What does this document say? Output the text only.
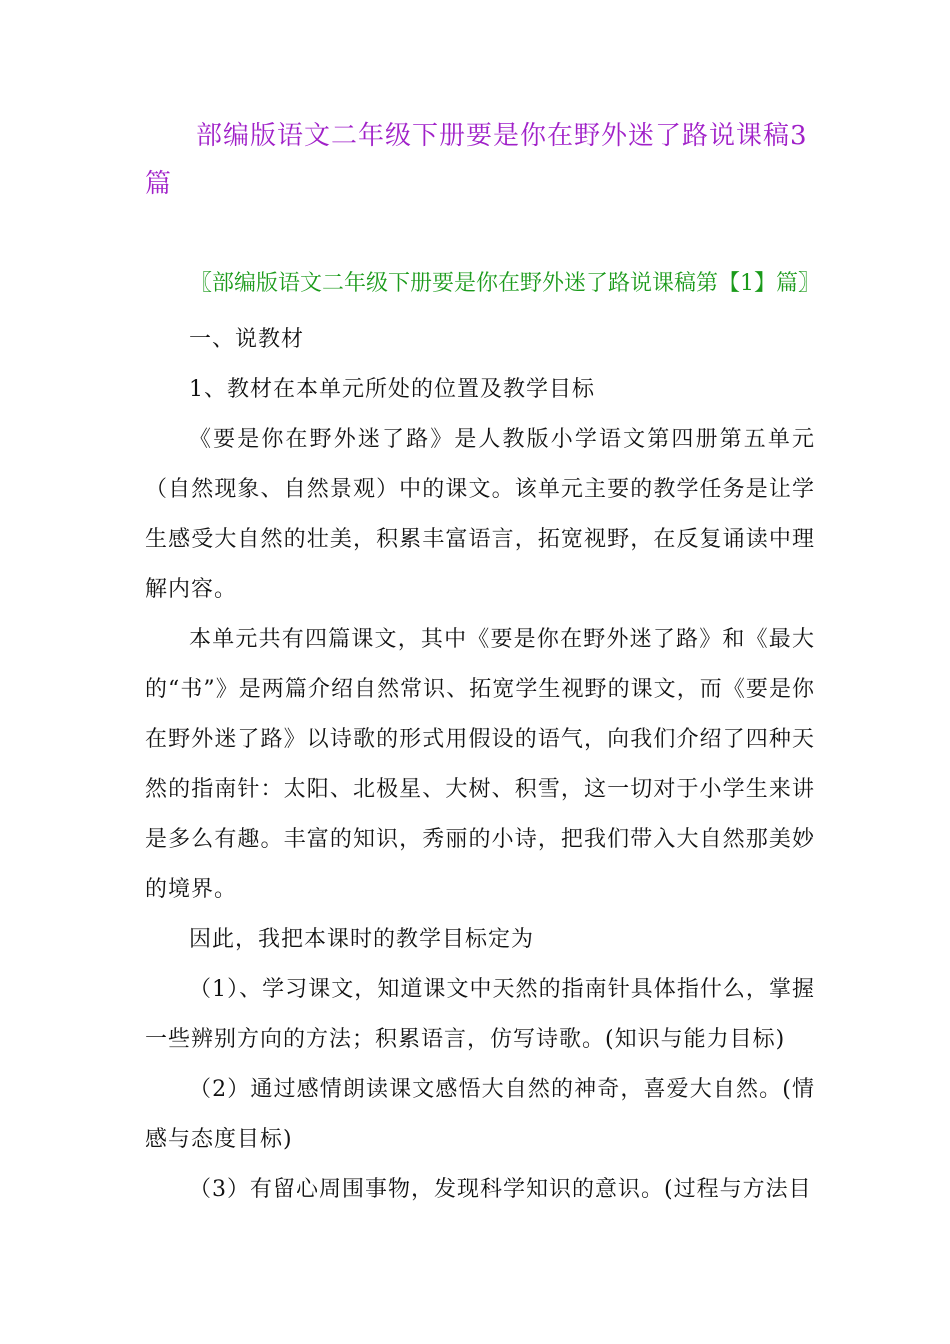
部编版语文二年级下册要是你在野外迷了路说课稿3篇
〖部编版语文二年级下册要是你在野外迷了路说课稿第【1】篇〗

一、说教材

1、教材在本单元所处的位置及教学目标

《要是你在野外迷了路》是人教版小学语文第四册第五单元（自然现象、自然景观）中的课文。该单元主要的教学任务是让学生感受大自然的壮美，积累丰富语言，拓宽视野，在反复诵读中理解内容。

本单元共有四篇课文，其中《要是你在野外迷了路》和《最大的“书”》是两篇介绍自然常识、拓宽学生视野的课文，而《要是你在野外迷了路》以诗歌的形式用假设的语气，向我们介绍了四种天然的指南针：太阳、北极星、大树、积雪，这一切对于小学生来讲是多么有趣。丰富的知识，秀丽的小诗，把我们带入大自然那美妙的境界。

因此，我把本课时的教学目标定为

（1）、学习课文，知道课文中天然的指南针具体指什么，掌握一些辨别方向的方法；积累语言，仿写诗歌。(知识与能力目标)

（2）通过感情朗读课文感悟大自然的神奇，喜爱大自然。(情感与态度目标)

（3）有留心周围事物，发现科学知识的意识。(过程与方法目
